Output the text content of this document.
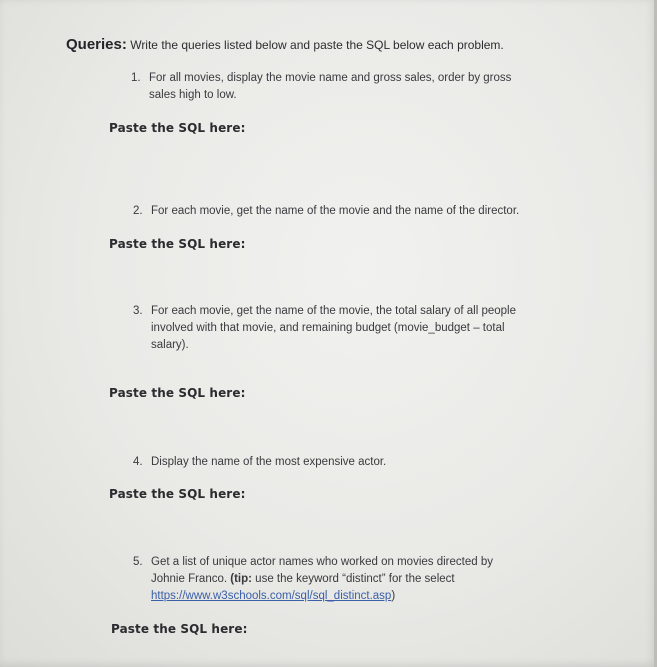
Queries: Write the queries listed below and paste the SQL below each problem.
1. For all movies, display the movie name and gross sales, order by gross
sales high to low.
Paste the SQL here:
2. For each movie, get the name of the movie and the name of the director.
Paste the SQL here:
3. For each movie, get the name of the movie, the total salary of all people
involved with that movie, and remaining budget (movie_budget – total
salary).
Paste the SQL here:
4. Display the name of the most expensive actor.
Paste the SQL here:
5. Get a list of unique actor names who worked on movies directed by
Johnie Franco. (tip: use the keyword “distinct” for the select
https://www.w3schools.com/sql/sql_distinct.asp)
Paste the SQL here:
